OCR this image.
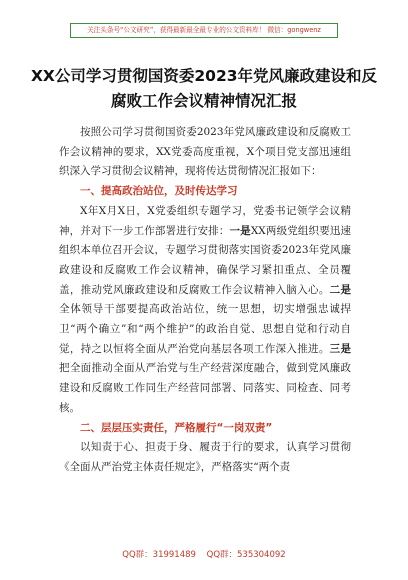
关注头条号“公文研究”，获得最新最全最专业的公文资料库！ 微信：gongwenz
XX公司学习贯彻国资委2023年党风廉政建设和反腐败工作会议精神情况汇报

按照公司学习贯彻国资委2023年党风廉政建设和反腐败工作会议精神的要求，XX党委高度重视，X个项目党支部迅速组织深入学习贯彻会议精神，现将传达贯彻情况汇报如下：

一、提高政治站位，及时传达学习

X年X月X日，X党委组织专题学习，党委书记领学会议精神，并对下一步工作部署进行安排：一是XX两级党组织要迅速组织本单位召开会议，专题学习贯彻落实国资委2023年党风廉政建设和反腐败工作会议精神，确保学习紧扣重点、全员覆盖，推动党风廉政建设和反腐败工作会议精神入脑入心。二是全体领导干部要提高政治站位，统一思想，切实增强忠诚捍卫“两个确立”和“两个维护”的政治自觉、思想自觉和行动自觉，持之以恒将全面从严治党向基层各项工作深入推进。三是把全面推动全面从严治党与生产经营深度融合，做到党风廉政建设和反腐败工作同生产经营同部署、同落实、同检查、同考核。

二、层层压实责任，严格履行“一岗双责”

以知责于心、担责于身、履责于行的要求，认真学习贯彻《全面从严治党主体责任规定》，严格落实“两个责

QQ群：31991489 QQ群：535304092
